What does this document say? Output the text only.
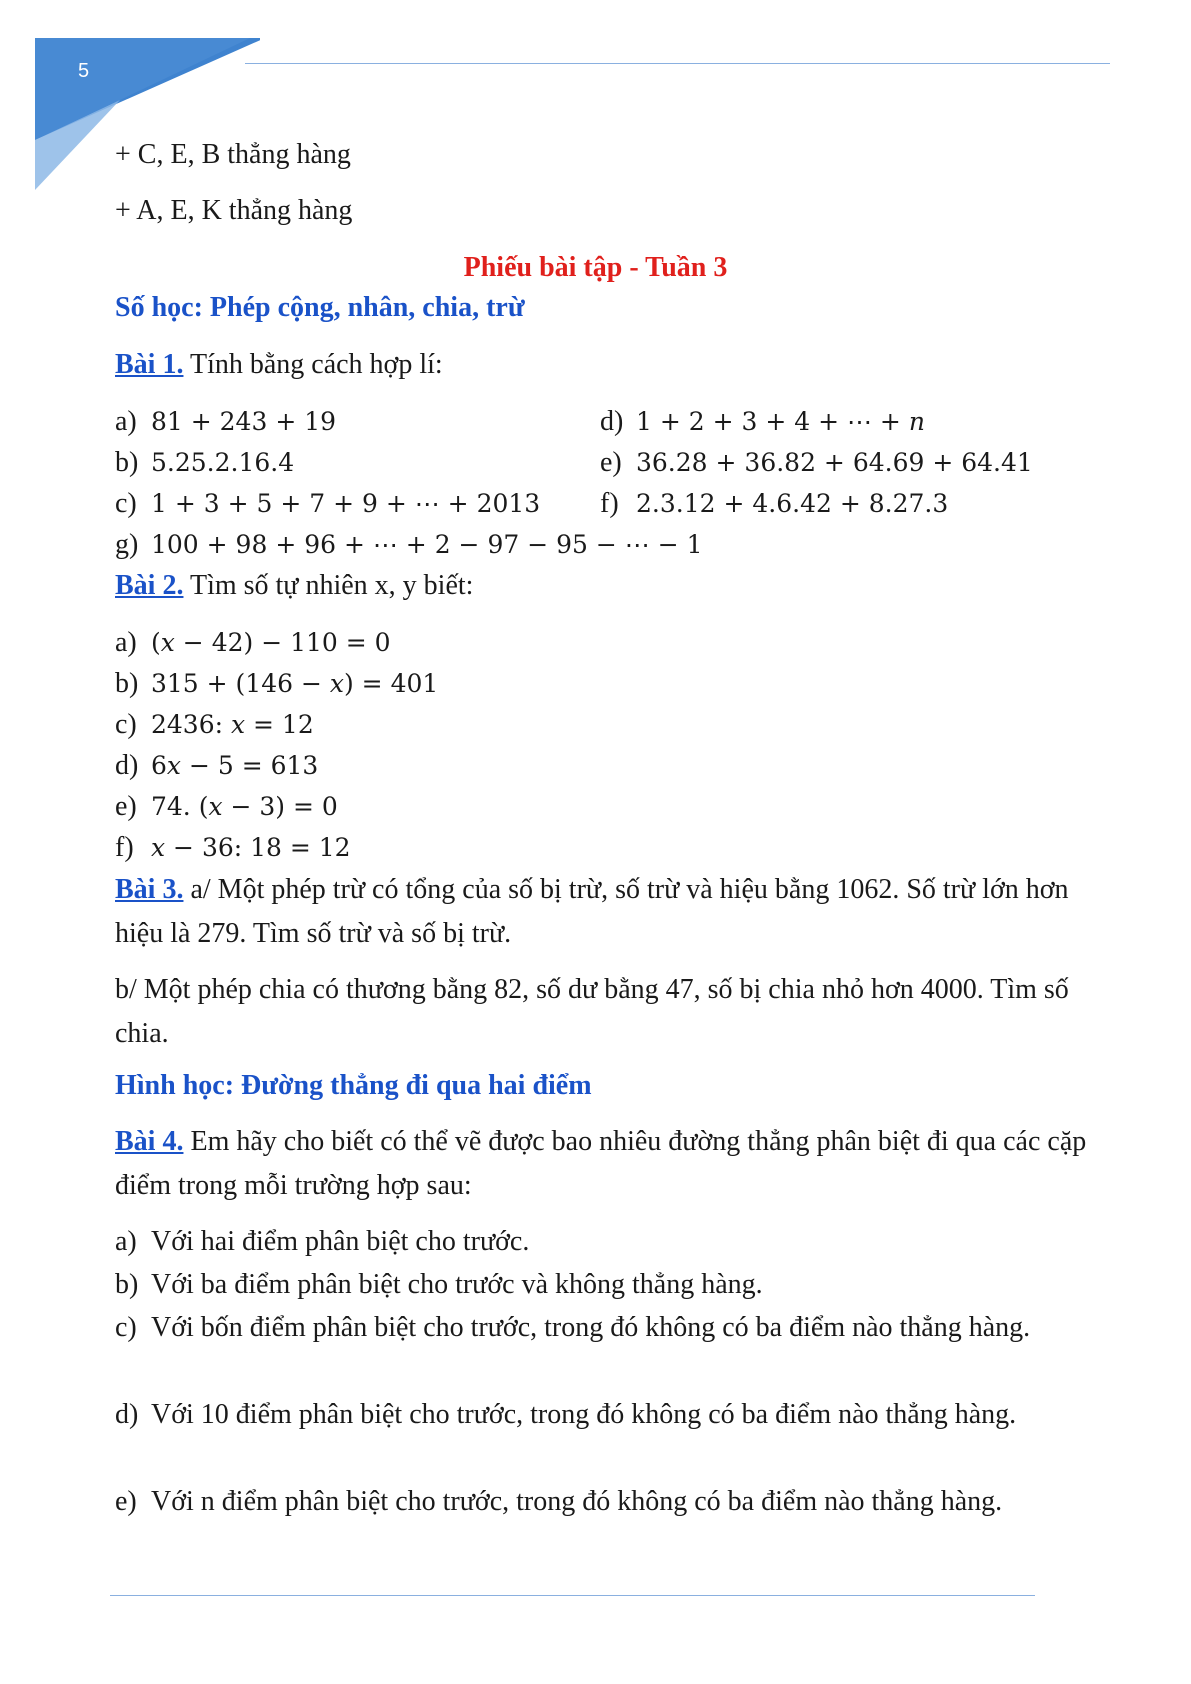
5
+ C, E, B thẳng hàng
+ A, E, K thẳng hàng
Phiếu bài tập - Tuần 3
Số học: Phép cộng, nhân, chia, trừ
Bài 1. Tính bằng cách hợp lí:
a) 81 + 243 + 19	d) 1 + 2 + 3 + 4 + ⋯ + 𝑛
b) 5.25.2.16.4	e) 36.28 + 36.82 + 64.69 + 64.41
c) 1 + 3 + 5 + 7 + 9 + ⋯ + 2013 f) 2.3.12 + 4.6.42 + 8.27.3
g) 100 + 98 + 96 + ⋯ + 2 − 97 − 95 − ⋯ − 1
Bài 2. Tìm số tự nhiên x, y biết:
a) (𝑥 − 42) − 110 = 0
b) 315 + (146 − 𝑥) = 401
c) 2436: 𝑥 = 12
d) 6𝑥 − 5 = 613
e) 74. (𝑥 − 3) = 0
f) 𝑥 − 36: 18 = 12
Bài 3. a/ Một phép trừ có tổng của số bị trừ, số trừ và hiệu bằng 1062. Số trừ lớn hơn hiệu là 279. Tìm số trừ và số bị trừ.
b/ Một phép chia có thương bằng 82, số dư bằng 47, số bị chia nhỏ hơn 4000. Tìm số chia.
Hình học: Đường thẳng đi qua hai điểm
Bài 4. Em hãy cho biết có thể vẽ được bao nhiêu đường thẳng phân biệt đi qua các cặp điểm trong mỗi trường hợp sau:
a) Với hai điểm phân biệt cho trước.
b) Với ba điểm phân biệt cho trước và không thẳng hàng.
c) Với bốn điểm phân biệt cho trước, trong đó không có ba điểm nào thẳng hàng.
d) Với 10 điểm phân biệt cho trước, trong đó không có ba điểm nào thẳng hàng.
e) Với n điểm phân biệt cho trước, trong đó không có ba điểm nào thẳng hàng.
